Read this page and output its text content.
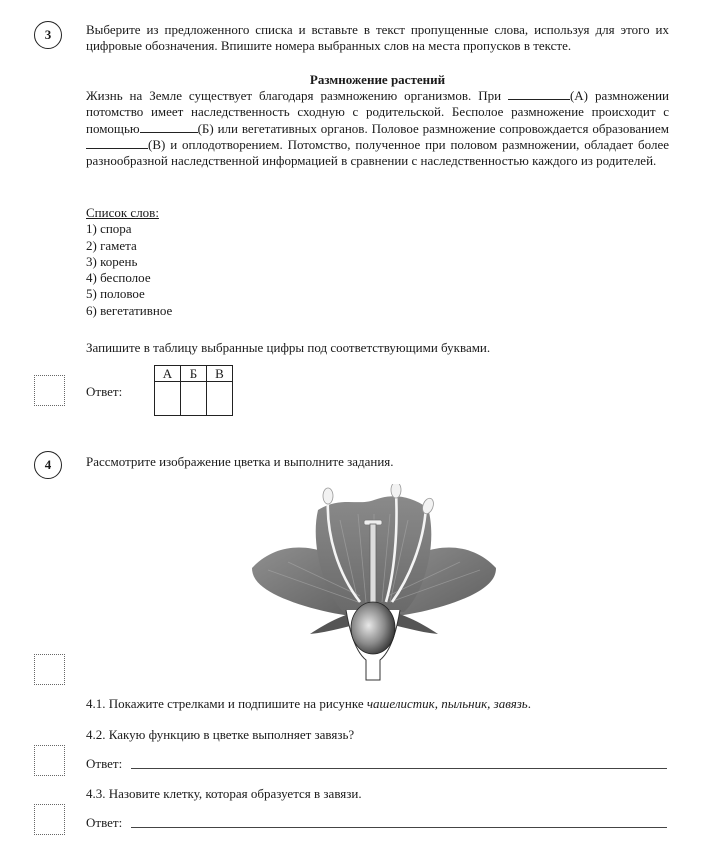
3	Выберите из предложенного списка и вставьте в текст пропущенные слова, используя для этого их цифровые обозначения. Впишите номера выбранных слов на места пропусков в тексте.
Размножение растений
Жизнь на Земле существует благодаря размножению организмов. При	(А) размножении потомство имеет наследственность сходную с родительской. Бесполое размножение происходит с помощью	(Б) или вегетативных органов. Половое размножение сопровождается образованием (В) и оплодотворением. Потомство, полученное при половом размножении, обладает более разнообразной наследственной информацией в сравнении с наследственностью каждого из родителей.
Список слов:
1) спора
2) гамета
3) корень
4) бесполое
5) половое
6) вегетативное
Запишите в таблицу выбранные цифры под соответствующими буквами.
Ответ:
А	Б	В

4	Рассмотрите изображение цветка и выполните задания.
4.1. Покажите стрелками и подпишите на рисунке чашелистик, пыльник, завязь.
4.2. Какую функцию в цветке выполняет завязь?
Ответ:
4.3. Назовите клетку, которая образуется в завязи.
Ответ:
